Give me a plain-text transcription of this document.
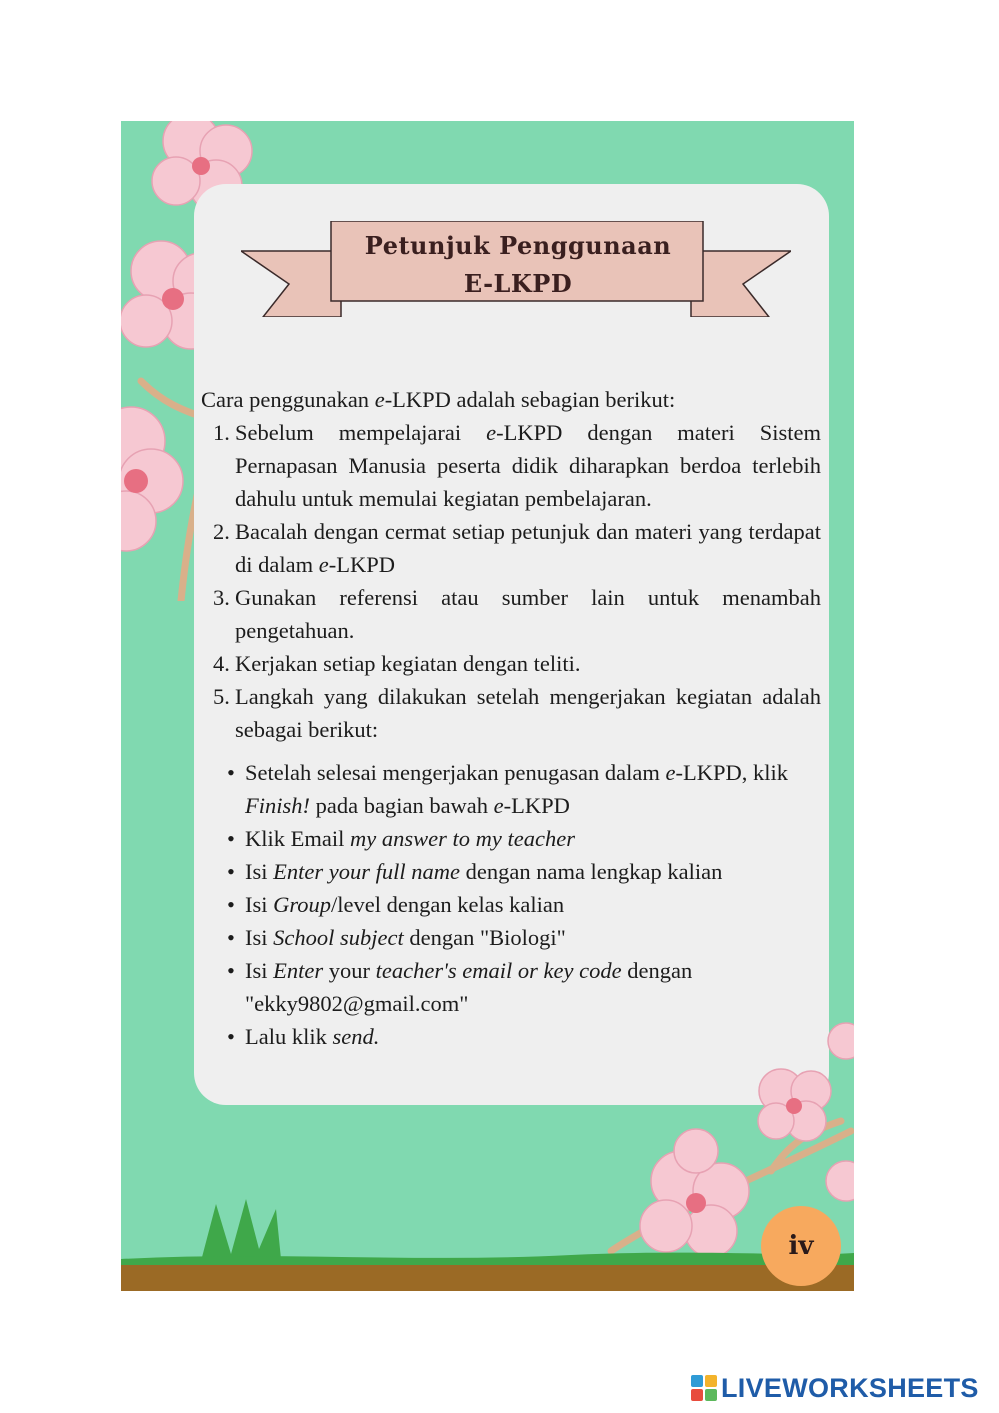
Petunjuk Penggunaan
E-LKPD

Cara penggunakan e-LKPD adalah sebagian berikut:

1. Sebelum mempelajarai e-LKPD dengan materi Sistem Pernapasan Manusia peserta didik diharapkan berdoa terlebih dahulu untuk memulai kegiatan pembelajaran.
2. Bacalah dengan cermat setiap petunjuk dan materi yang terdapat di dalam e-LKPD
3. Gunakan referensi atau sumber lain untuk menambah pengetahuan.
4. Kerjakan setiap kegiatan dengan teliti.
5. Langkah yang dilakukan setelah mengerjakan kegiatan adalah sebagai berikut:
• Setelah selesai mengerjakan penugasan dalam e-LKPD, klik Finish! pada bagian bawah e-LKPD
• Klik Email my answer to my teacher
• Isi Enter your full name dengan nama lengkap kalian
• Isi Group/level dengan kelas kalian
• Isi School subject dengan "Biologi"
• Isi Enter your teacher's email or key code dengan "ekky9802@gmail.com"
• Lalu klik send.
iv
LIVEWORKSHEETS
